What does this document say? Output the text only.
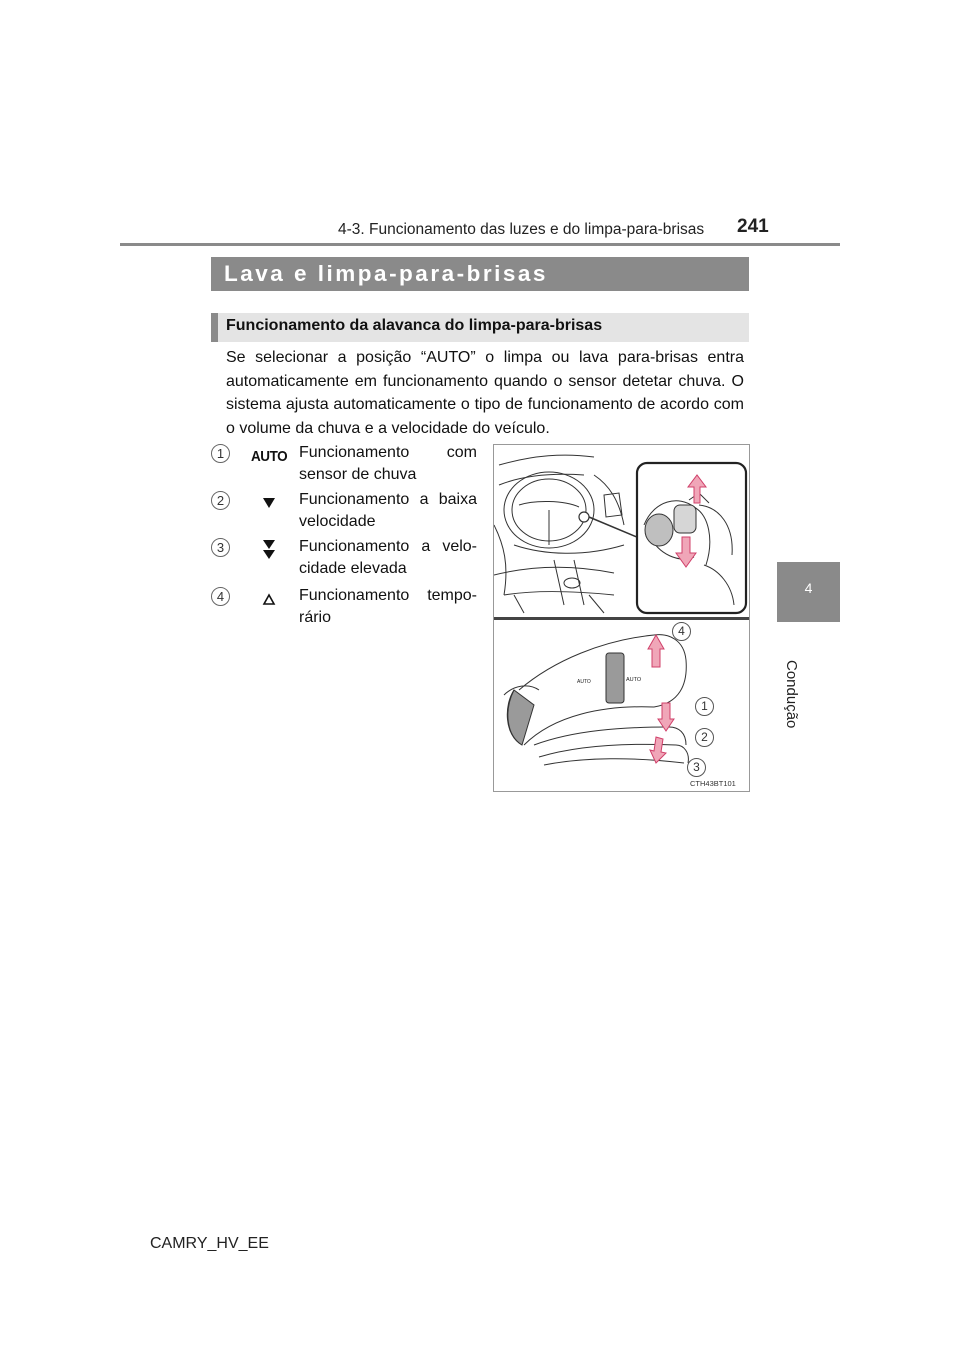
4-3. Funcionamento das luzes e do limpa-para-brisas 241
4
Condução
Lava e limpa-para-brisas
Funcionamento da alavanca do limpa-para-brisas
Se selecionar a posição “AUTO” o limpa ou lava para-brisas entra automaticamente em funcionamento quando o sensor detetar chuva. O sistema ajusta automaticamente o tipo de funcionamento de acordo com o volume da chuva e a velocidade do veículo.
1	AUTO Funcionamento com sensor de chuva
2	Funcionamento a baixa velocidade
3	Funcionamento a velo-cidade elevada
4	Funcionamento tempo-rário
AUTO
AUTO
4
1
2
3
CTH43BT101
CAMRY_HV_EE
